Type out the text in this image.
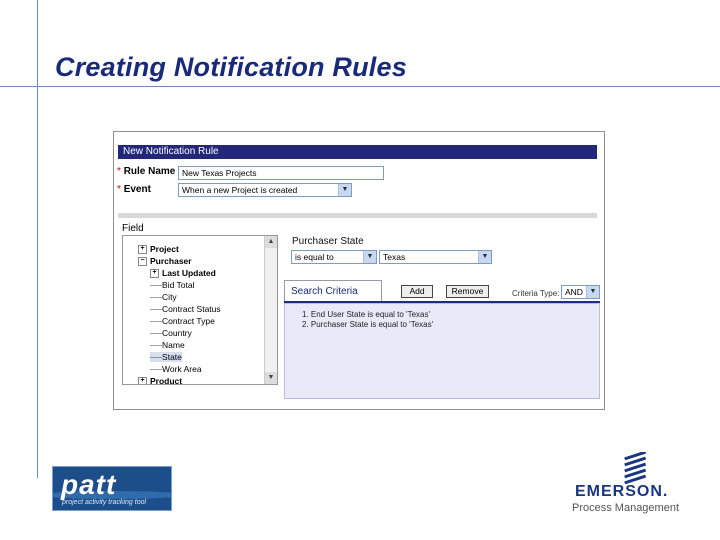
Creating Notification Rules
New Notification Rule
* Rule Name New Texas Projects
* Event	When a new Project is created	▼
Field
+ Project
− Purchaser
+ Last Updated
──Bid Total
──City
──Contract Status
──Contract Type
──Country
──Name
──State
──Work Area
+ Product
▲
▼
Purchaser State
is equal to	▼	Texas	▼
Search Criteria	Add	Remove	Criteria Type: AND ▼
1. End User State is equal to 'Texas'
2. Purchaser State is equal to 'Texas'
patt
project activity tracking tool
EMERSON.
Process Management
